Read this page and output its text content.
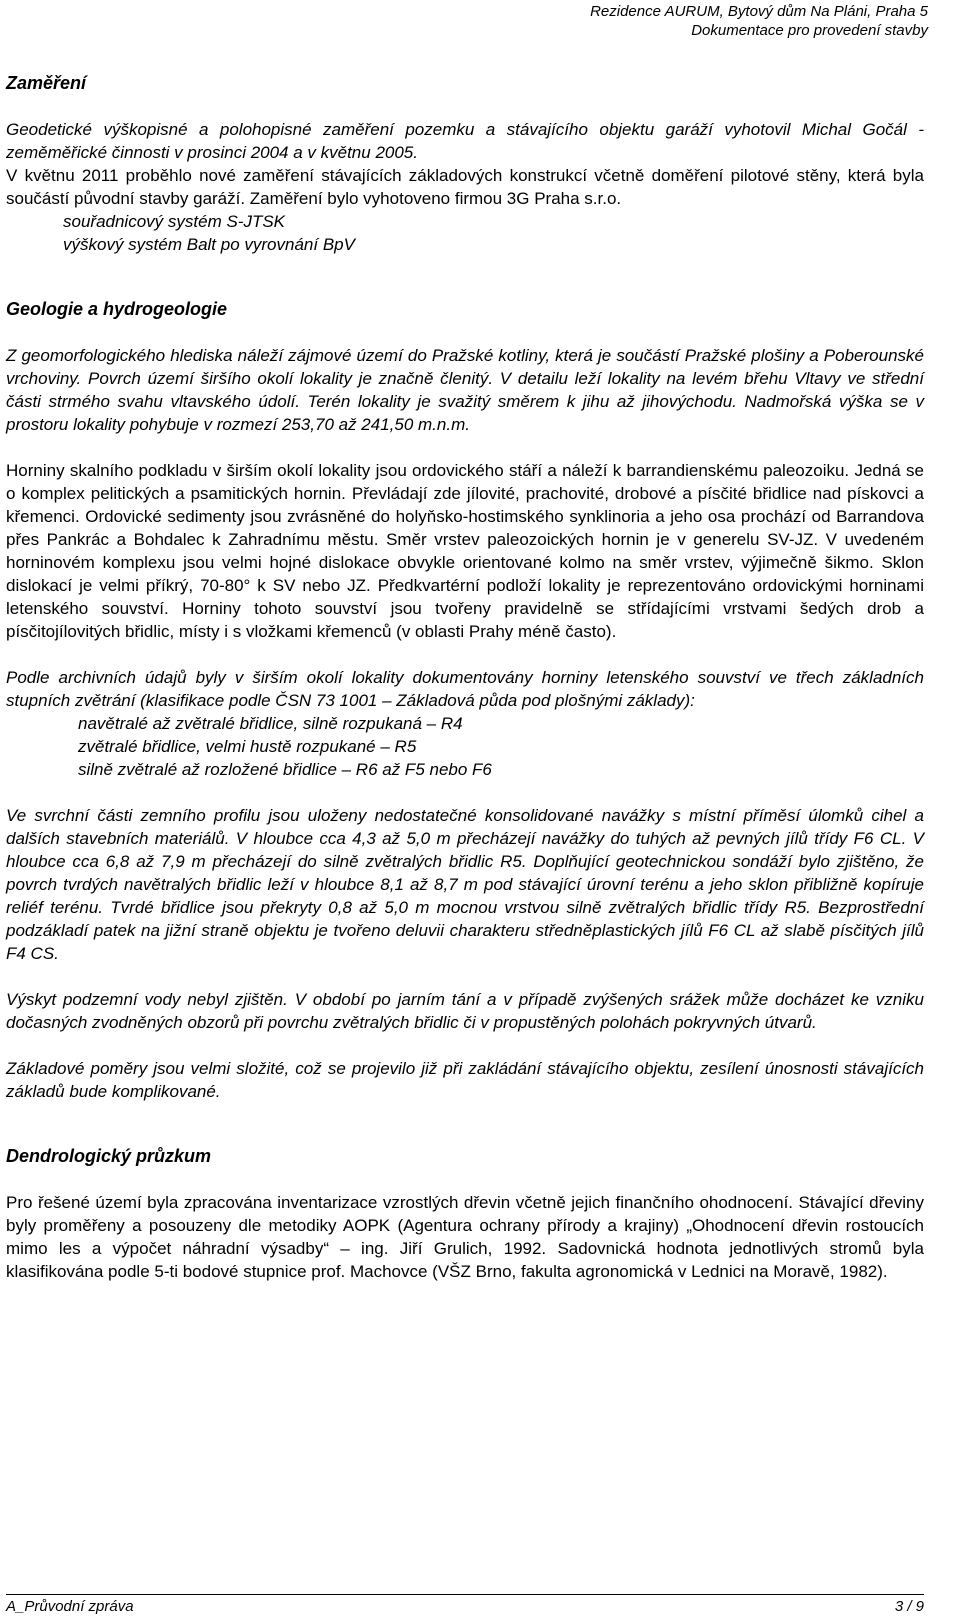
Rezidence AURUM, Bytový dům Na Pláni, Praha 5
Dokumentace pro provedení stavby

Zaměření

Geodetické výškopisné a polohopisné zaměření pozemku a stávajícího objektu garáží vyhotovil Michal Gočál - zeměměřické činnosti v prosinci 2004 a v květnu 2005.

V květnu 2011 proběhlo nové zaměření stávajících základových konstrukcí včetně doměření pilotové stěny, která byla součástí původní stavby garáží. Zaměření bylo vyhotoveno firmou 3G Praha s.r.o.

souřadnicový systém S-JTSK

výškový systém Balt po vyrovnání BpV

Geologie a hydrogeologie

Z geomorfologického hlediska náleží zájmové území do Pražské kotliny, která je součástí Pražské plošiny a Poberounské vrchoviny. Povrch území širšího okolí lokality je značně členitý. V detailu leží lokality na levém břehu Vltavy ve střední části strmého svahu vltavského údolí. Terén lokality je svažitý směrem k jihu až jihovýchodu. Nadmořská výška se v prostoru lokality pohybuje v rozmezí 253,70 až 241,50 m.n.m.

Horniny skalního podkladu v širším okolí lokality jsou ordovického stáří a náleží k barrandienskému paleozoiku. Jedná se o komplex pelitických a psamitických hornin. Převládají zde jílovité, prachovité, drobové a písčité břidlice nad pískovci a křemenci. Ordovické sedimenty jsou zvrásněné do holyňsko-hostimského synklinoria a jeho osa prochází od Barrandova přes Pankrác a Bohdalec k Zahradnímu městu. Směr vrstev paleozoických hornin je v generelu SV-JZ. V uvedeném horninovém komplexu jsou velmi hojné dislokace obvykle orientované kolmo na směr vrstev, výjimečně šikmo. Sklon dislokací je velmi příkrý, 70-80° k SV nebo JZ. Předkvartérní podloží lokality je reprezentováno ordovickými horninami letenského souvství. Horniny tohoto souvství jsou tvořeny pravidelně se střídajícími vrstvami šedých drob a písčitojílovitých břidlic, místy i s vložkami křemenců (v oblasti Prahy méně často).

Podle archivních údajů byly v širším okolí lokality dokumentovány horniny letenského souvství ve třech základních stupních zvětrání (klasifikace podle ČSN 73 1001 – Základová půda pod plošnými základy):

navětralé až zvětralé břidlice, silně rozpukaná – R4

zvětralé břidlice, velmi hustě rozpukané – R5

silně zvětralé až rozložené břidlice – R6 až F5 nebo F6

Ve svrchní části zemního profilu jsou uloženy nedostatečné konsolidované navážky s místní příměsí úlomků cihel a dalších stavebních materiálů. V hloubce cca 4,3 až 5,0 m přecházejí navážky do tuhých až pevných jílů třídy F6 CL. V hloubce cca 6,8 až 7,9 m přecházejí do silně zvětralých břidlic R5. Doplňující geotechnickou sondáží bylo zjištěno, že povrch tvrdých navětralých břidlic leží v hloubce 8,1 až 8,7 m pod stávající úrovní terénu a jeho sklon přibližně kopíruje reliéf terénu. Tvrdé břidlice jsou překryty 0,8 až 5,0 m mocnou vrstvou silně zvětralých břidlic třídy R5. Bezprostřední podzákladí patek na jižní straně objektu je tvořeno deluvii charakteru středněplastických jílů F6 CL až slabě písčitých jílů F4 CS.

Výskyt podzemní vody nebyl zjištěn. V období po jarním tání a v případě zvýšených srážek může docházet ke vzniku dočasných zvodněných obzorů při povrchu zvětralých břidlic či v propustěných polohách pokryvných útvarů.

Základové poměry jsou velmi složité, což se projevilo již při zakládání stávajícího objektu, zesílení únosnosti stávajících základů bude komplikované.

Dendrologický průzkum

Pro řešené území byla zpracována inventarizace vzrostlých dřevin včetně jejich finančního ohodnocení. Stávající dřeviny byly proměřeny a posouzeny dle metodiky AOPK (Agentura ochrany přírody a krajiny) „Ohodnocení dřevin rostoucích mimo les a výpočet náhradní výsadby“ – ing. Jiří Grulich, 1992. Sadovnická hodnota jednotlivých stromů byla klasifikována podle 5-ti bodové stupnice prof. Machovce (VŠZ Brno, fakulta agronomická v Lednici na Moravě, 1982).

A_Průvodní zpráva	3 / 9
